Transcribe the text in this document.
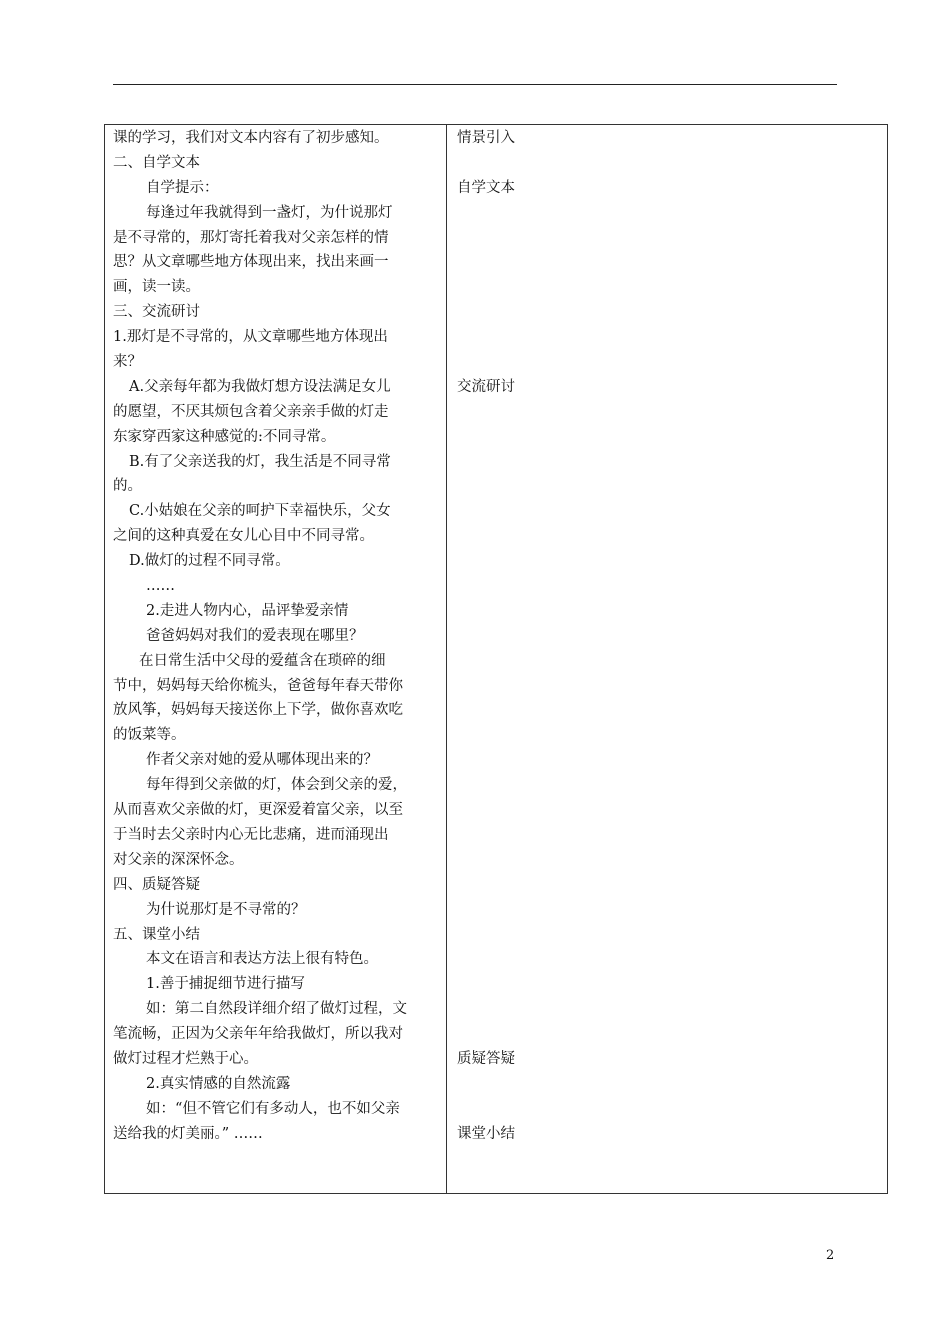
课的学习，我们对文本内容有了初步感知。
二、自学文本
自学提示：
每逢过年我就得到一盏灯，为什说那灯
是不寻常的，那灯寄托着我对父亲怎样的情
思？从文章哪些地方体现出来，找出来画一
画，读一读。
三、交流研讨
1.那灯是不寻常的，从文章哪些地方体现出
来？
A.父亲每年都为我做灯想方设法满足女儿
的愿望，不厌其烦包含着父亲亲手做的灯走
东家穿西家这种感觉的:不同寻常。
B.有了父亲送我的灯，我生活是不同寻常
的。
C.小姑娘在父亲的呵护下幸福快乐，父女
之间的这种真爱在女儿心目中不同寻常。
D.做灯的过程不同寻常。
……
2.走进人物内心，品评挚爱亲情
爸爸妈妈对我们的爱表现在哪里？
在日常生活中父母的爱蕴含在琐碎的细
节中，妈妈每天给你梳头，爸爸每年春天带你
放风筝，妈妈每天接送你上下学，做你喜欢吃
的饭菜等。
作者父亲对她的爱从哪体现出来的？
每年得到父亲做的灯，体会到父亲的爱，
从而喜欢父亲做的灯，更深爱着富父亲，以至
于当时去父亲时内心无比悲痛，进而涌现出
对父亲的深深怀念。
四、质疑答疑
为什说那灯是不寻常的？
五、课堂小结
本文在语言和表达方法上很有特色。
1.善于捕捉细节进行描写
如：第二自然段详细介绍了做灯过程，文
笔流畅，正因为父亲年年给我做灯，所以我对
做灯过程才烂熟于心。
2.真实情感的自然流露
如：“但不管它们有多动人，也不如父亲
送给我的灯美丽。” ……
情景引入
自学文本
交流研讨
质疑答疑
课堂小结
2
